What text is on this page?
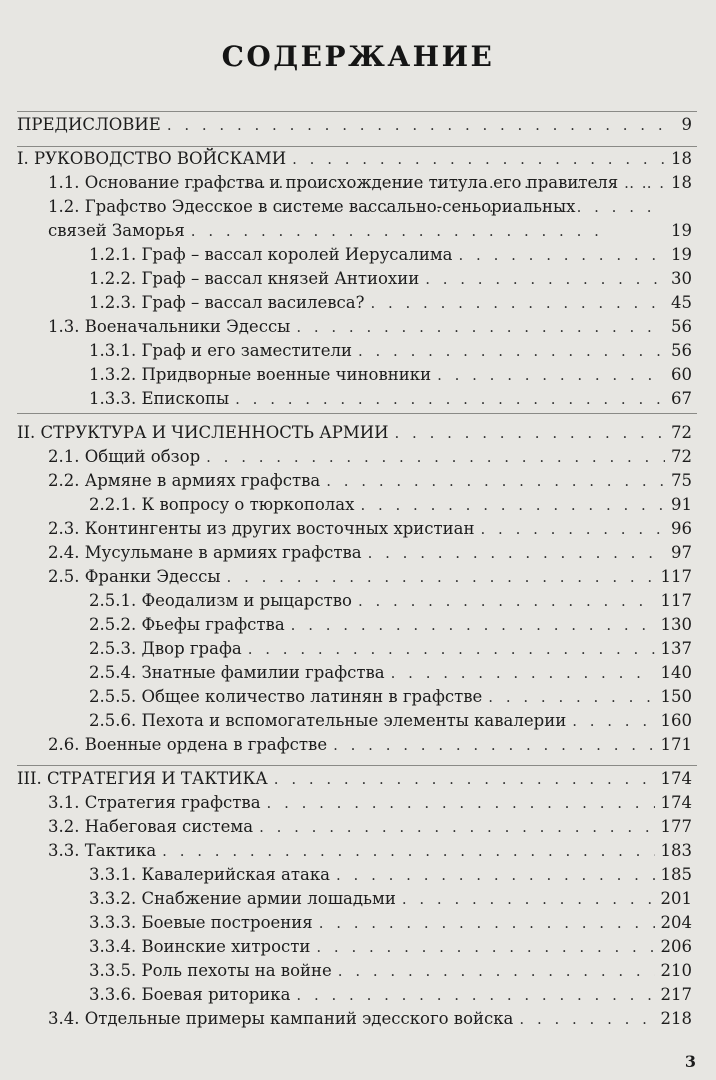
СОДЕРЖАНИЕ
ПРЕДИСЛОВИЕ . . .	9
I. РУКОВОДСТВО ВОЙСКАМИ . . .	18
1.1. Основание графства и происхождение титула его правителя . . .	18
1.2. Графство Эдесское в системе вассально-сеньориальных
связей Заморья . . .	19
1.2.1. Граф – вассал королей Иерусалима . . .	19
1.2.2. Граф – вассал князей Антиохии . . .	30
1.2.3. Граф – вассал василевса? . . .	45
1.3. Военачальники Эдессы . . .	56
1.3.1. Граф и его заместители . . .	56
1.3.2. Придворные военные чиновники . . .	60
1.3.3. Епископы . . .	67
II. СТРУКТУРА И ЧИСЛЕННОСТЬ АРМИИ . . .	72
2.1. Общий обзор . . .	72
2.2. Армяне в армиях графства . . .	75
2.2.1. К вопросу о тюркополах . . .	91
2.3. Контингенты из других восточных христиан . . .	96
2.4. Мусульмане в армиях графства . . .	97
2.5. Франки Эдессы . . .	117
2.5.1. Феодализм и рыцарство . . .	117
2.5.2. Фьефы графства . . .	130
2.5.3. Двор графа . . .	137
2.5.4. Знатные фамилии графства . . .	140
2.5.5. Общее количество латинян в графстве . . .	150
2.5.6. Пехота и вспомогательные элементы кавалерии . . .	160
2.6. Военные ордена в графстве . . .	171
III. СТРАТЕГИЯ И ТАКТИКА . . .	174
3.1. Стратегия графства . . .	174
3.2. Набеговая система . . .	177
3.3. Тактика . . .	183
3.3.1. Кавалерийская атака . . .	185
3.3.2. Снабжение армии лошадьми . . .	201
3.3.3. Боевые построения . . .	204
3.3.4. Воинские хитрости . . .	206
3.3.5. Роль пехоты на войне . . .	210
3.3.6. Боевая риторика . . .	217
3.4. Отдельные примеры кампаний эдесского войска . . .	218
3
